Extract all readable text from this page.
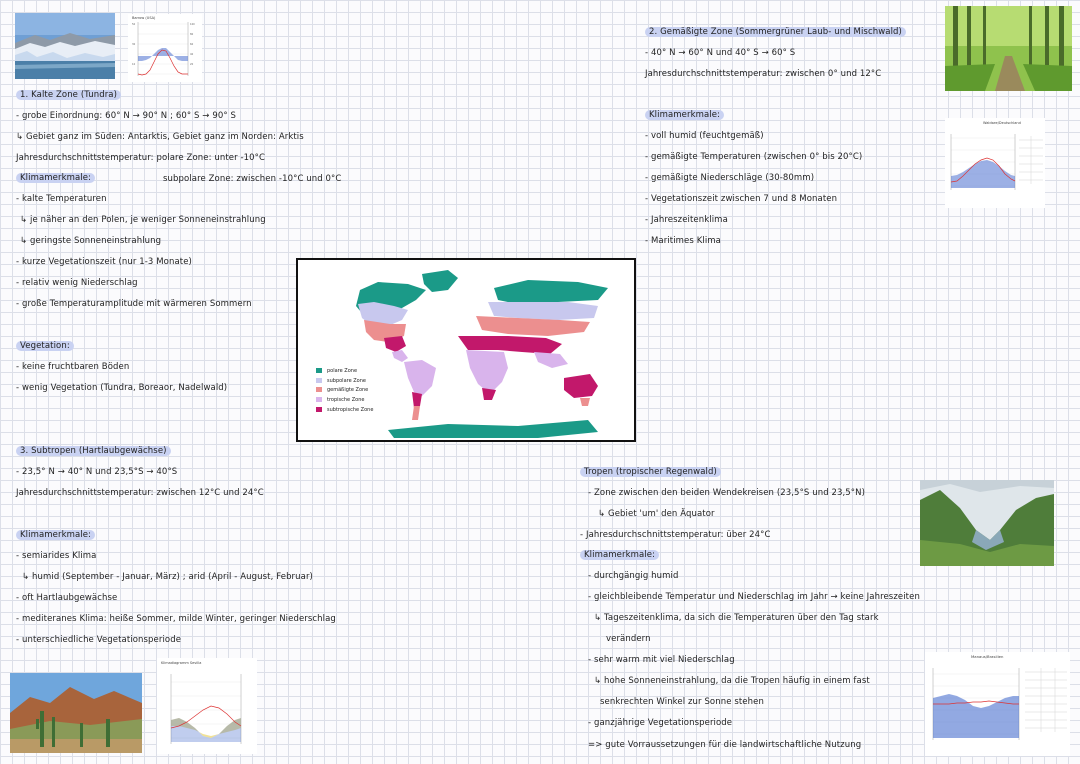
Barrow (USA)
100
80
60
40
20
50
30
10
1. Kalte Zone (Tundra)
- grobe Einordnung: 60° N → 90° N ; 60° S → 90° S
↳ Gebiet ganz im Süden: Antarktis, Gebiet ganz im Norden: Arktis
Jahresdurchschnittstemperatur: polare Zone: unter -10°C
Klimamerkmale:	subpolare Zone: zwischen -10°C und 0°C
- kalte Temperaturen
↳ je näher an den Polen, je weniger Sonneneinstrahlung
↳ geringste Sonneneinstrahlung
- kurze Vegetationszeit (nur 1-3 Monate)
- relativ wenig Niederschlag
- große Temperaturamplitude mit wärmeren Sommern
Vegetation:
- keine fruchtbaren Böden
- wenig Vegetation (Tundra, Boreaor, Nadelwald)
polare Zone
subpolare Zone
gemäßigte Zone
tropische Zone
subtropische Zone
2. Gemäßigte Zone (Sommergrüner Laub- und Mischwald)
- 40° N → 60° N und 40° S → 60° S
Jahresdurchschnittstemperatur: zwischen 0° und 12°C
Klimamerkmale:
- voll humid (feuchtgemäß)
- gemäßigte Temperaturen (zwischen 0° bis 20°C)
- gemäßigte Niederschläge (30-80mm)
- Vegetationszeit zwischen 7 und 8 Monaten
- Jahreszeitenklima
- Maritimes Klima
Waldsee/Deutschland
3. Subtropen (Hartlaubgewächse)
- 23,5° N → 40° N und 23,5°S → 40°S
Jahresdurchschnittstemperatur: zwischen 12°C und 24°C
Klimamerkmale:
- semiarides Klima
↳ humid (September - Januar, März) ; arid (April - August, Februar)
- oft Hartlaubgewächse
- mediteranes Klima: heiße Sommer, milde Winter, geringer Niederschlag
- unterschiedliche Vegetationsperiode
Klimadiagramm Sevilla
Tropen (tropischer Regenwald)
- Zone zwischen den beiden Wendekreisen (23,5°S und 23,5°N)
↳ Gebiet 'um' den Äquator
- Jahresdurchschnittstemperatur: über 24°C
Klimamerkmale:
- durchgängig humid
- gleichbleibende Temperatur und Niederschlag im Jahr → keine Jahreszeiten
↳ Tageszeitenklima, da sich die Temperaturen über den Tag stark
verändern
- sehr warm mit viel Niederschlag
↳ hohe Sonneneinstrahlung, da die Tropen häufig in einem fast
senkrechten Winkel zur Sonne stehen
- ganzjährige Vegetationsperiode
=> gute Vorraussetzungen für die landwirtschaftliche Nutzung
Manaus/Brasilien
